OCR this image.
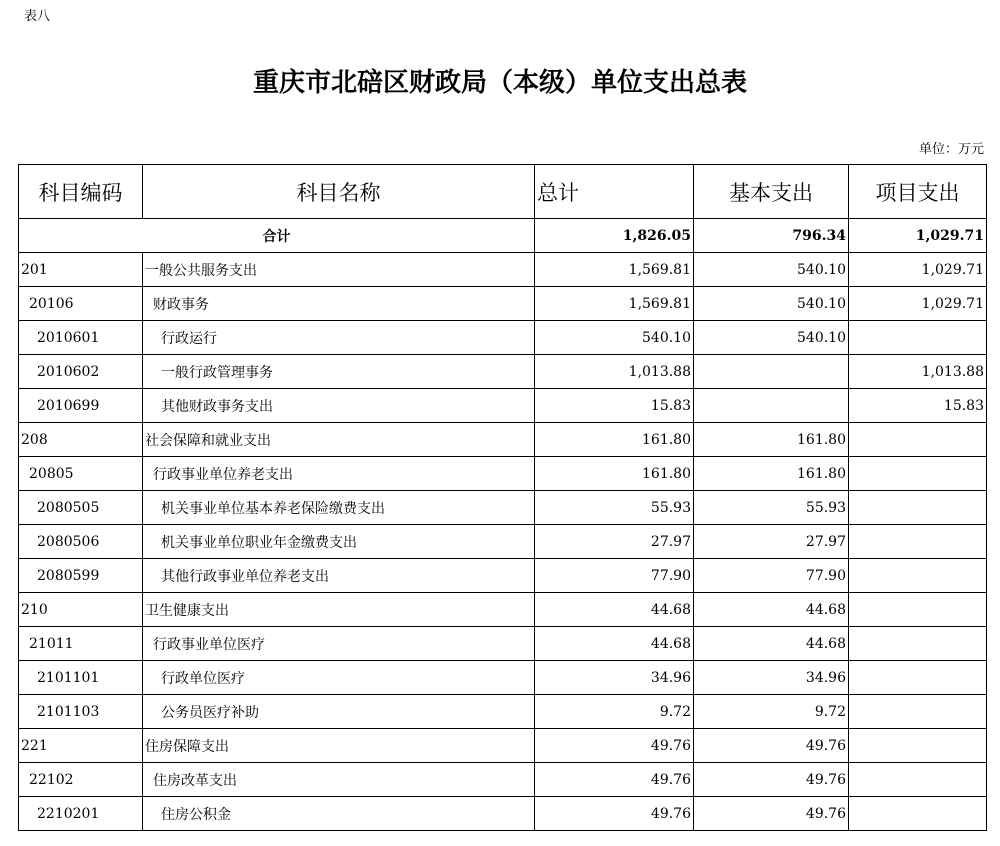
表八
重庆市北碚区财政局（本级）单位支出总表
单位：万元
科目编码	科目名称	总计	基本支出	项目支出
合计		1,826.05	796.34	1,029.71
201	一般公共服务支出	1,569.81	540.10	1,029.71
20106	财政事务	1,569.81	540.10	1,029.71
2010601	行政运行	540.10	540.10	
2010602	一般行政管理事务	1,013.88		1,013.88
2010699	其他财政事务支出	15.83		15.83
208	社会保障和就业支出	161.80	161.80	
20805	行政事业单位养老支出	161.80	161.80	
2080505	机关事业单位基本养老保险缴费支出	55.93	55.93	
2080506	机关事业单位职业年金缴费支出	27.97	27.97	
2080599	其他行政事业单位养老支出	77.90	77.90	
210	卫生健康支出	44.68	44.68	
21011	行政事业单位医疗	44.68	44.68	
2101101	行政单位医疗	34.96	34.96	
2101103	公务员医疗补助	9.72	9.72	
221	住房保障支出	49.76	49.76	
22102	住房改革支出	49.76	49.76	
2210201	住房公积金	49.76	49.76	
